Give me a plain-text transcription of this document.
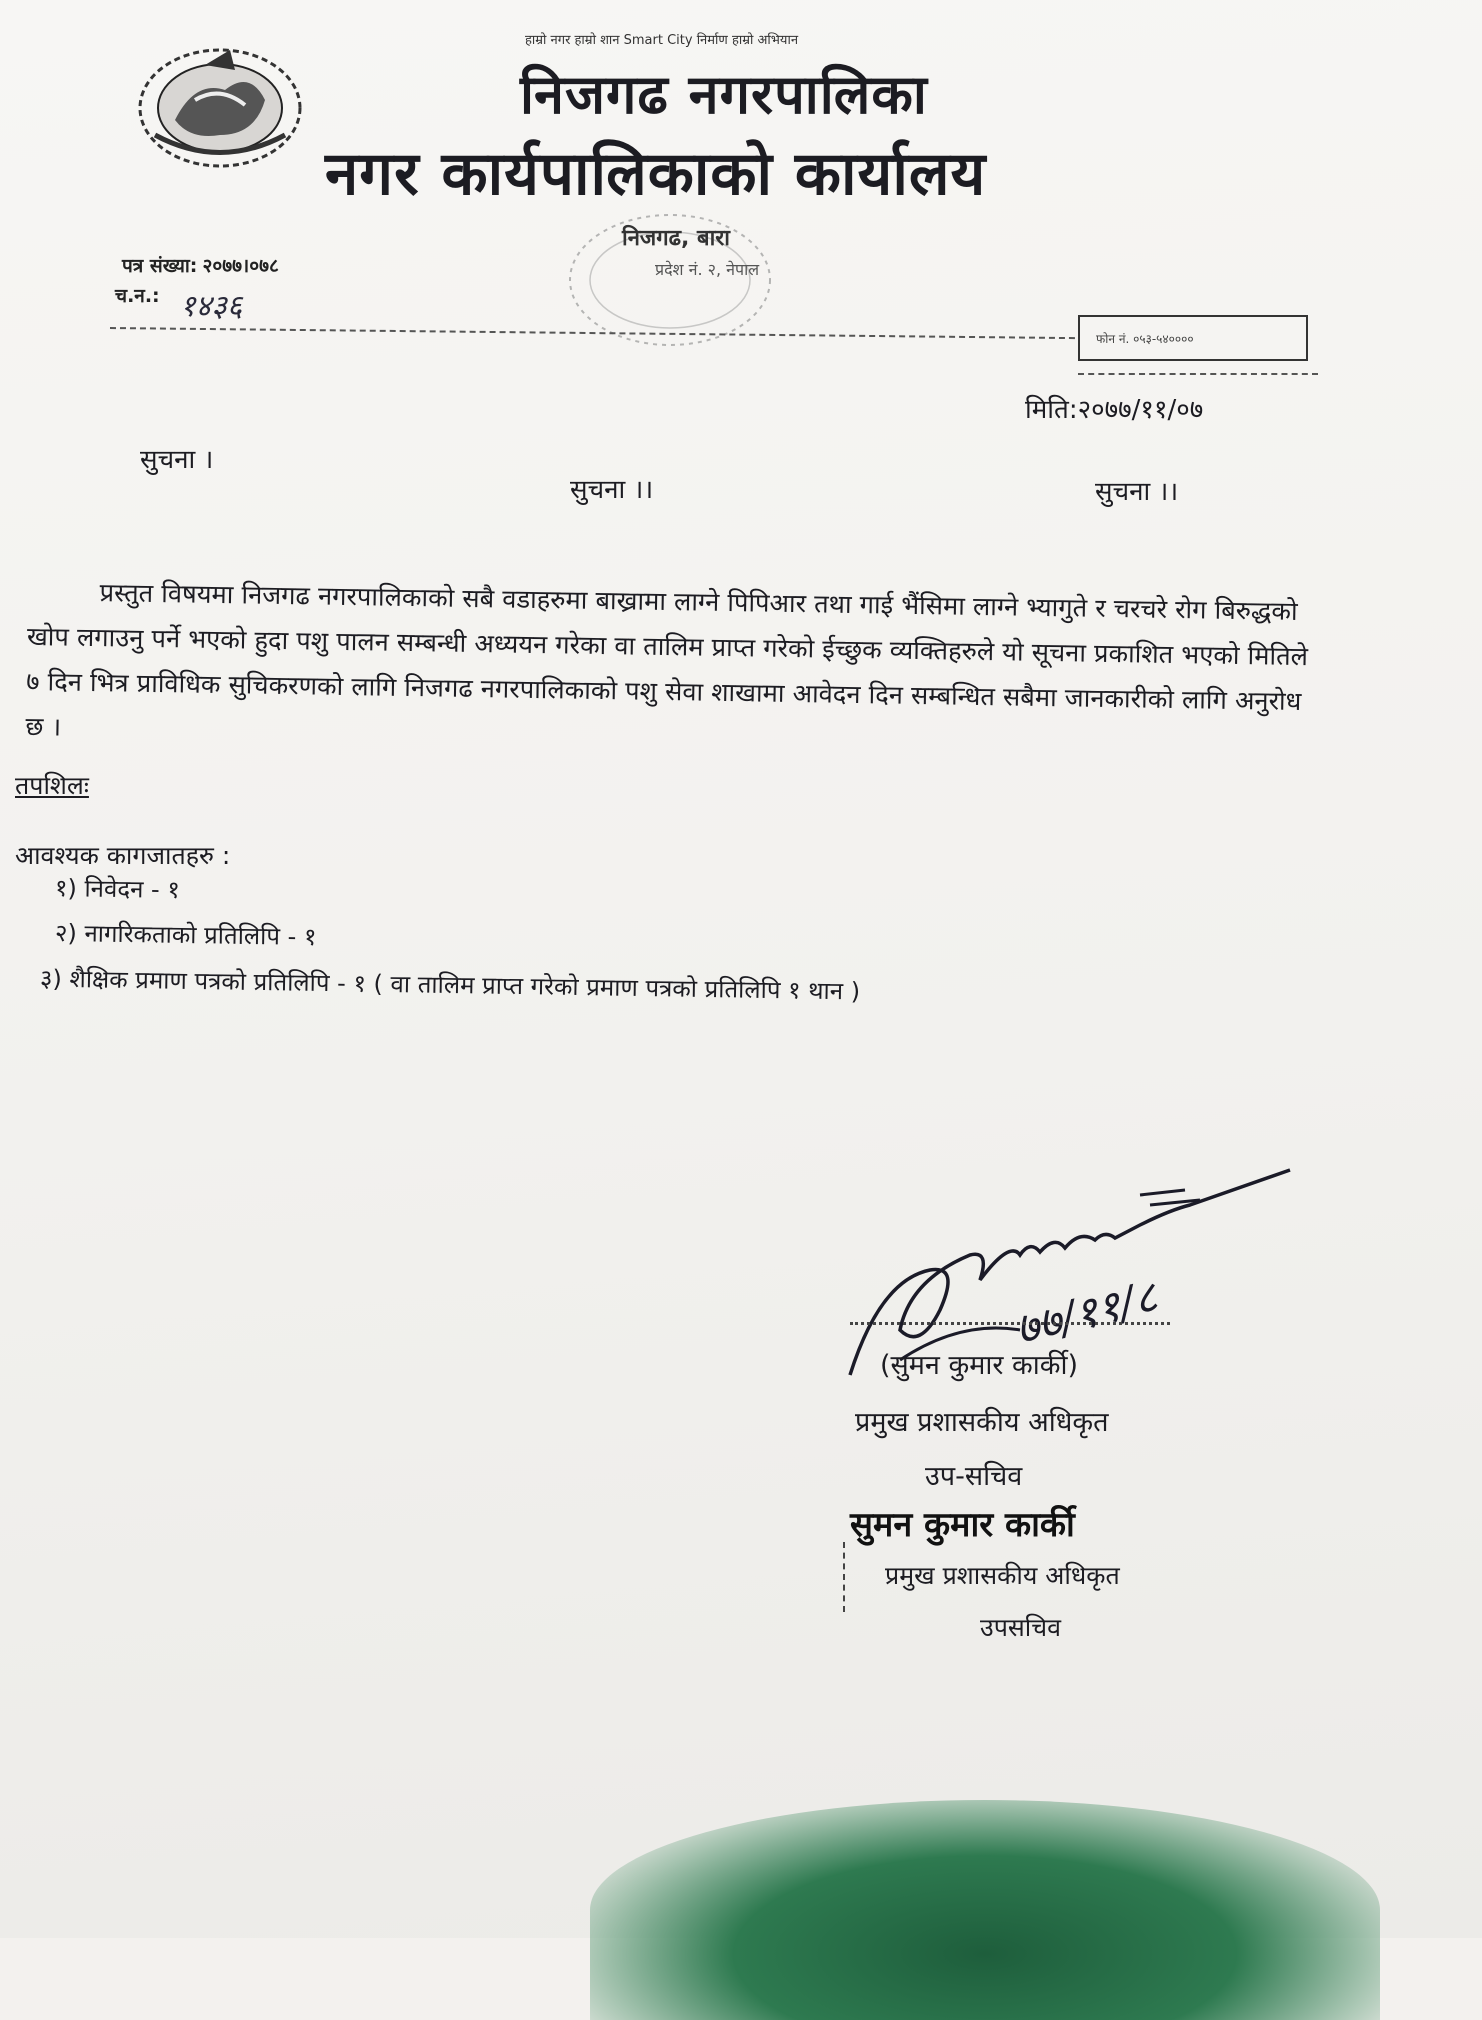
हाम्रो नगर हाम्रो शान Smart City निर्माण हाम्रो अभियान
निजगढ नगरपालिका
नगर कार्यपालिकाको कार्यालय
निजगढ, बारा
प्रदेश नं. २, नेपाल
पत्र संख्या: २०७७।०७८
च.न.: १४३६
फोन नं. ०५३-५४००००
मिति:२०७७/११/०७
सुचना ।
सुचना ।।	सुचना ।।
प्रस्तुत विषयमा निजगढ नगरपालिकाको सबै वडाहरुमा बाख्रामा लाग्ने पिपिआर तथा गाई भैंसिमा लाग्ने भ्यागुते र चरचरे रोग बिरुद्धको खोप लगाउनु पर्ने भएको हुदा पशु पालन सम्बन्धी अध्ययन गरेका वा तालिम प्राप्त गरेको ईच्छुक व्यक्तिहरुले यो सूचना प्रकाशित भएको मितिले ७ दिन भित्र प्राविधिक सुचिकरणको लागि निजगढ नगरपालिकाको पशु सेवा शाखामा आवेदन दिन सम्बन्धित सबैमा जानकारीको लागि अनुरोध छ ।
तपशिलः
आवश्यक कागजातहरु :
१) निवेदन - १
२) नागरिकताको प्रतिलिपि - १
३) शैक्षिक प्रमाण पत्रको प्रतिलिपि - १ ( वा तालिम प्राप्त गरेको प्रमाण पत्रको प्रतिलिपि १ थान )
७७/११/८
(सुमन कुमार कार्की)
प्रमुख प्रशासकीय अधिकृत
उप-सचिव
सुमन कुमार कार्की
प्रमुख प्रशासकीय अधिकृत
उपसचिव
